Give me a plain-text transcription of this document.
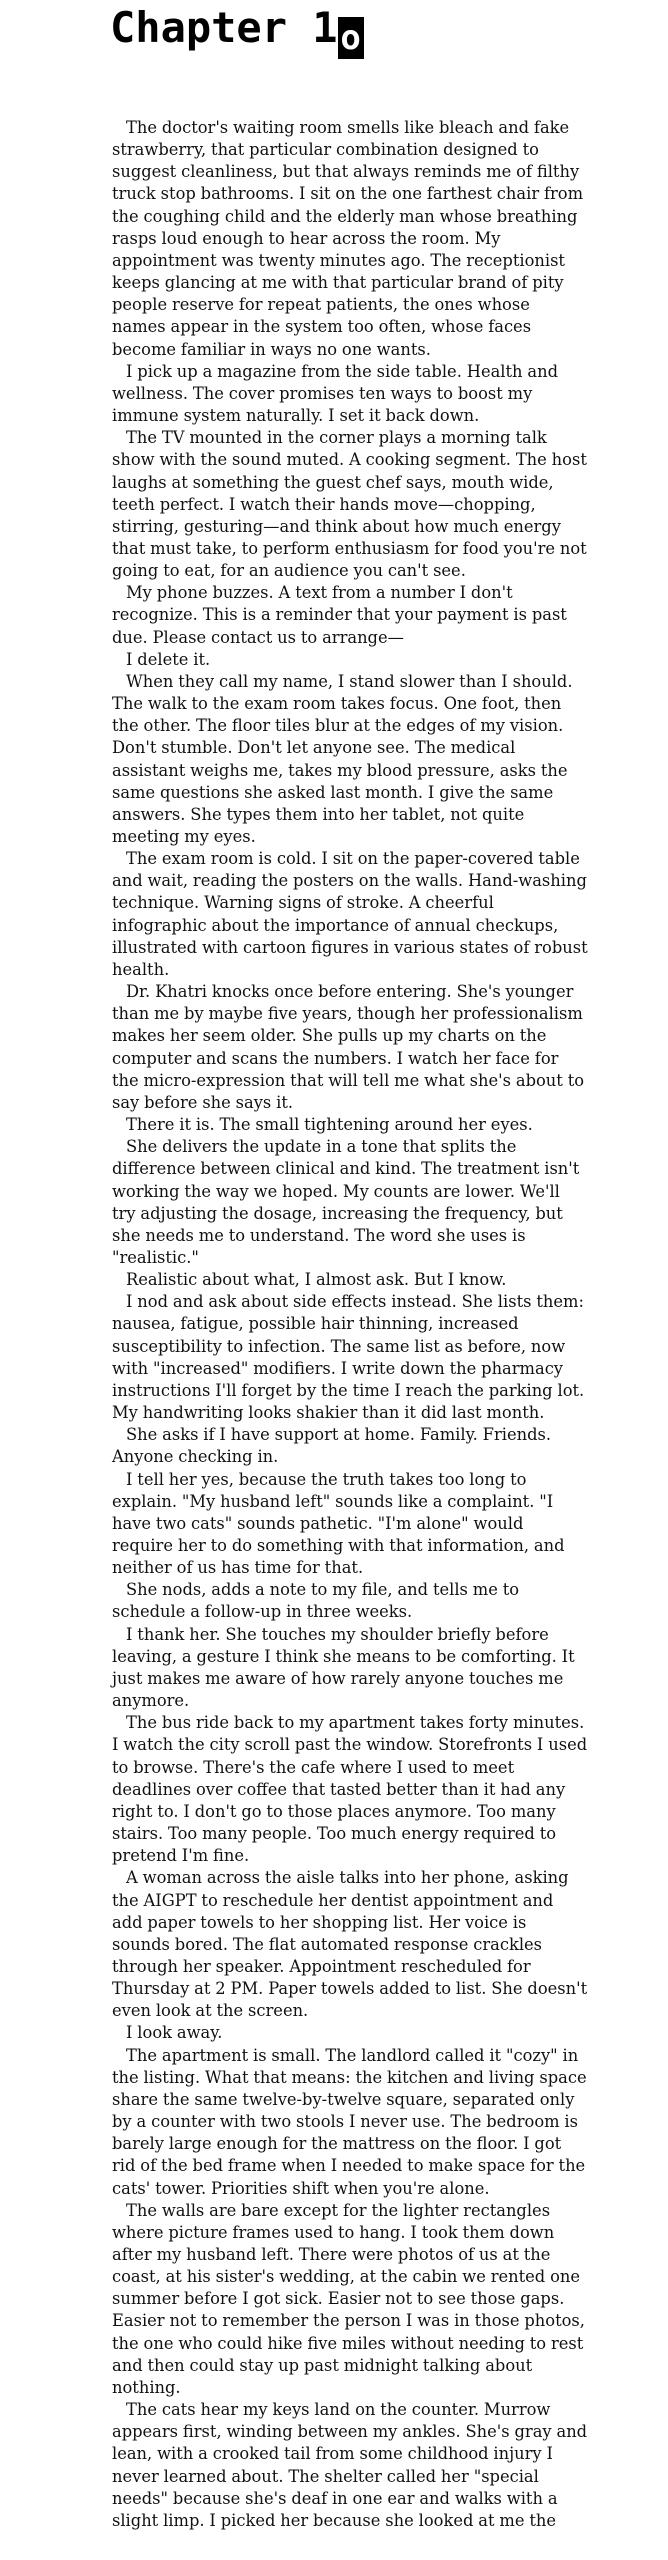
Chapter 1o

The doctor's waiting room smells like bleach and fake strawberry, that particular combination designed to suggest cleanliness, but that always reminds me of filthy truck stop bathrooms. I sit on the one farthest chair from the coughing child and the elderly man whose breathing rasps loud enough to hear across the room. My appointment was twenty minutes ago. The receptionist keeps glancing at me with that particular brand of pity people reserve for repeat patients, the ones whose names appear in the system too often, whose faces become familiar in ways no one wants.

I pick up a magazine from the side table. Health and wellness. The cover promises ten ways to boost my immune system naturally. I set it back down.

The TV mounted in the corner plays a morning talk show with the sound muted. A cooking segment. The host laughs at something the guest chef says, mouth wide, teeth perfect. I watch their hands move—chopping, stirring, gesturing—and think about how much energy that must take, to perform enthusiasm for food you're not going to eat, for an audience you can't see.

My phone buzzes. A text from a number I don't recognize. This is a reminder that your payment is past due. Please contact us to arrange—

I delete it.

When they call my name, I stand slower than I should. The walk to the exam room takes focus. One foot, then the other. The floor tiles blur at the edges of my vision. Don't stumble. Don't let anyone see. The medical assistant weighs me, takes my blood pressure, asks the same questions she asked last month. I give the same answers. She types them into her tablet, not quite meeting my eyes.

The exam room is cold. I sit on the paper-covered table and wait, reading the posters on the walls. Hand-washing technique. Warning signs of stroke. A cheerful infographic about the importance of annual checkups, illustrated with cartoon figures in various states of robust health.

Dr. Khatri knocks once before entering. She's younger than me by maybe five years, though her professionalism makes her seem older. She pulls up my charts on the computer and scans the numbers. I watch her face for the micro-expression that will tell me what she's about to say before she says it.

There it is. The small tightening around her eyes.

She delivers the update in a tone that splits the difference between clinical and kind. The treatment isn't working the way we hoped. My counts are lower. We'll try adjusting the dosage, increasing the frequency, but she needs me to understand. The word she uses is "realistic."

Realistic about what, I almost ask. But I know.

I nod and ask about side effects instead. She lists them: nausea, fatigue, possible hair thinning, increased susceptibility to infection. The same list as before, now with "increased" modifiers. I write down the pharmacy instructions I'll forget by the time I reach the parking lot. My handwriting looks shakier than it did last month.

She asks if I have support at home. Family. Friends. Anyone checking in.

I tell her yes, because the truth takes too long to explain. "My husband left" sounds like a complaint. "I have two cats" sounds pathetic. "I'm alone" would require her to do something with that information, and neither of us has time for that.

She nods, adds a note to my file, and tells me to schedule a follow-up in three weeks.

I thank her. She touches my shoulder briefly before leaving, a gesture I think she means to be comforting. It just makes me aware of how rarely anyone touches me anymore.

The bus ride back to my apartment takes forty minutes. I watch the city scroll past the window. Storefronts I used to browse. There's the cafe where I used to meet deadlines over coffee that tasted better than it had any right to. I don't go to those places anymore. Too many stairs. Too many people. Too much energy required to pretend I'm fine.

A woman across the aisle talks into her phone, asking the AIGPT to reschedule her dentist appointment and add paper towels to her shopping list. Her voice is sounds bored. The flat automated response crackles through her speaker. Appointment rescheduled for Thursday at 2 PM. Paper towels added to list. She doesn't even look at the screen.

I look away.

The apartment is small. The landlord called it "cozy" in the listing. What that means: the kitchen and living space share the same twelve-by-twelve square, separated only by a counter with two stools I never use. The bedroom is barely large enough for the mattress on the floor. I got rid of the bed frame when I needed to make space for the cats' tower. Priorities shift when you're alone.

The walls are bare except for the lighter rectangles where picture frames used to hang. I took them down after my husband left. There were photos of us at the coast, at his sister's wedding, at the cabin we rented one summer before I got sick. Easier not to see those gaps. Easier not to remember the person I was in those photos, the one who could hike five miles without needing to rest and then could stay up past midnight talking about nothing.

The cats hear my keys land on the counter. Murrow appears first, winding between my ankles. She's gray and lean, with a crooked tail from some childhood injury I never learned about. The shelter called her "special needs" because she's deaf in one ear and walks with a slight limp. I picked her because she looked at me the
